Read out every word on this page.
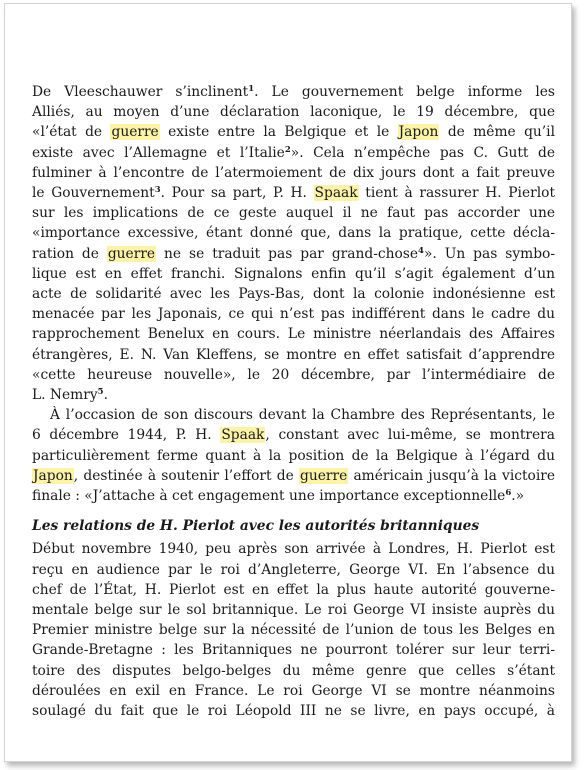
De Vleeschauwer s’inclinent$^1$. Le gouvernement belge informe les
Alliés, au moyen d’une déclaration laconique, le 19 décembre, que
«l’état de guerre existe entre la Belgique et le Japon de même qu’il
existe avec l’Allemagne et l’Italie$^2$». Cela n’empêche pas C. Gutt de
fulminer à l’encontre de l’atermoiement de dix jours dont a fait preuve
le Gouvernement$^3$. Pour sa part, P. H. Spaak tient à rassurer H. Pierlot
sur les implications de ce geste auquel il ne faut pas accorder une
«importance excessive, étant donné que, dans la pratique, cette décla-
ration de guerre ne se traduit pas par grand-chose$^4$». Un pas symbo-
lique est en effet franchi. Signalons enfin qu’il s’agit également d’un
acte de solidarité avec les Pays-Bas, dont la colonie indonésienne est
menacée par les Japonais, ce qui n’est pas indifférent dans le cadre du
rapprochement Benelux en cours. Le ministre néerlandais des Affaires
étrangères, E. N. Van Kleffens, se montre en effet satisfait d’apprendre
«cette heureuse nouvelle», le 20 décembre, par l’intermédiaire de
L. Nemry$^5$.
À l’occasion de son discours devant la Chambre des Représentants, le
6 décembre 1944, P. H. Spaak, constant avec lui-même, se montrera
particulièrement ferme quant à la position de la Belgique à l’égard du
Japon, destinée à soutenir l’effort de guerre américain jusqu’à la victoire
finale : «J’attache à cet engagement une importance exceptionnelle$^6$.»
Les relations de H. Pierlot avec les autorités britanniques
Début novembre 1940, peu après son arrivée à Londres, H. Pierlot est
reçu en audience par le roi d’Angleterre, George VI. En l’absence du
chef de l’État, H. Pierlot est en effet la plus haute autorité gouverne-
mentale belge sur le sol britannique. Le roi George VI insiste auprès du
Premier ministre belge sur la nécessité de l’union de tous les Belges en
Grande-Bretagne : les Britanniques ne pourront tolérer sur leur terri-
toire des disputes belgo-belges du même genre que celles s’étant
déroulées en exil en France. Le roi George VI se montre néanmoins
soulagé du fait que le roi Léopold III ne se livre, en pays occupé, à
